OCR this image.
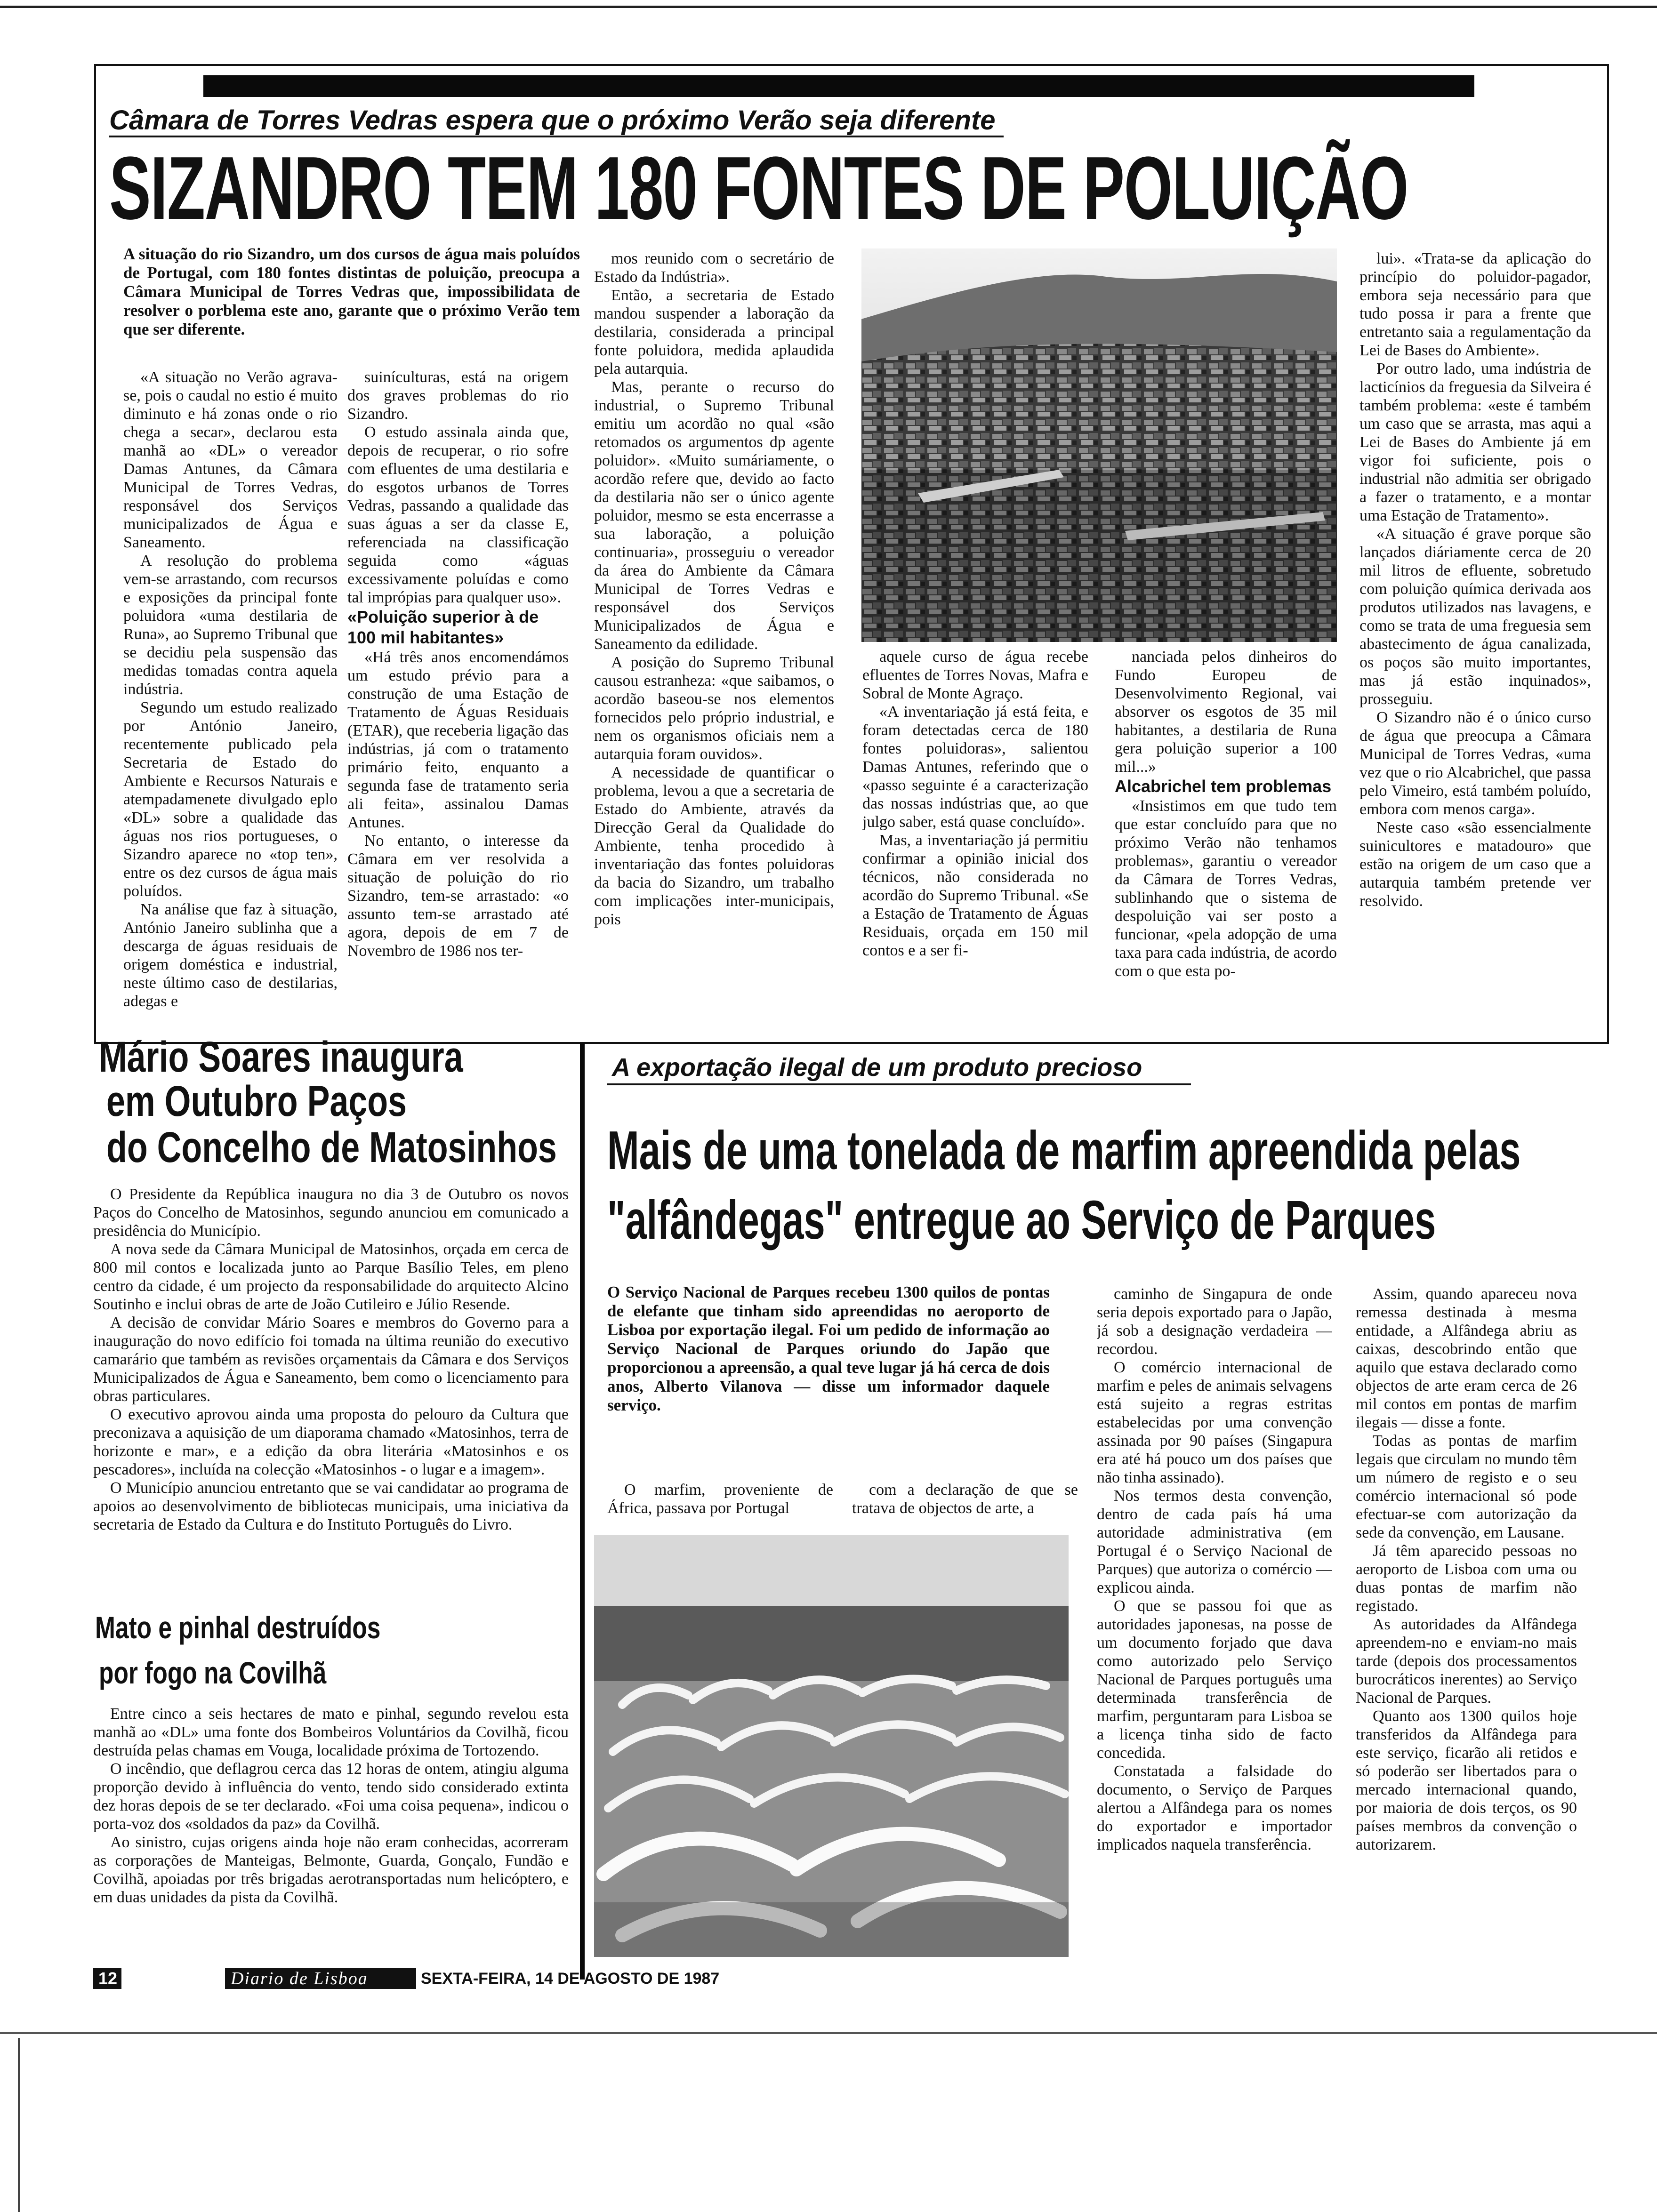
Câmara de Torres Vedras espera que o próximo Verão seja diferente
SIZANDRO TEM 180 FONTES DE POLUIÇÃO

A situação do rio Sizandro, um dos cursos de água mais poluídos de Portugal, com 180 fontes distintas de poluição, preocupa a Câmara Municipal de Torres Vedras que, impossibilidata de resolver o porblema este ano, garante que o próximo Verão tem que ser diferente.

«A situação no Verão agrava-se, pois o caudal no estio é muito diminuto e há zonas onde o rio chega a secar», declarou esta manhã ao «DL» o vereador Damas Antunes, da Câmara Municipal de Torres Vedras, responsável dos Serviços municipalizados de Água e Saneamento.

A resolução do problema vem-se arrastando, com recursos e exposições da principal fonte poluidora «uma destilaria de Runa», ao Supremo Tribunal que se decidiu pela suspensão das medidas tomadas contra aquela indústria.

Segundo um estudo realizado por António Janeiro, recentemente publicado pela Secretaria de Estado do Ambiente e Recursos Naturais e atempadamenete divulgado eplo «DL» sobre a qualidade das águas nos rios portugueses, o Sizandro aparece no «top ten», entre os dez cursos de água mais poluídos.

Na análise que faz à situação, António Janeiro sublinha que a descarga de águas residuais de origem doméstica e industrial, neste último caso de destilarias, adegas e

suinículturas, está na origem dos graves problemas do rio Sizandro.

O estudo assinala ainda que, depois de recuperar, o rio sofre com efluentes de uma destilaria e do esgotos urbanos de Torres Vedras, passando a qualidade das suas águas a ser da classe E, referenciada na classificação seguida como «águas excessivamente poluídas e como tal imprópias para qualquer uso».

«Poluição superior à de 100 mil habitantes»

«Há três anos encomendámos um estudo prévio para a construção de uma Estação de Tratamento de Águas Residuais (ETAR), que receberia ligação das indústrias, já com o tratamento primário feito, enquanto a segunda fase de tratamento seria ali feita», assinalou Damas Antunes.

No entanto, o interesse da Câmara em ver resolvida a situação de poluição do rio Sizandro, tem-se arrastado: «o assunto tem-se arrastado até agora, depois de em 7 de Novembro de 1986 nos ter-

mos reunido com o secretário de Estado da Indústria».

Então, a secretaria de Estado mandou suspender a laboração da destilaria, considerada a principal fonte poluidora, medida aplaudida pela autarquia.

Mas, perante o recurso do industrial, o Supremo Tribunal emitiu um acordão no qual «são retomados os argumentos dp agente poluidor». «Muito sumáriamente, o acordão refere que, devido ao facto da destilaria não ser o único agente poluidor, mesmo se esta encerrasse a sua laboração, a poluição continuaria», prosseguiu o vereador da área do Ambiente da Câmara Municipal de Torres Vedras e responsável dos Serviços Municipalizados de Água e Saneamento da edilidade.

A posição do Supremo Tribunal causou estranheza: «que saibamos, o acordão baseou-se nos elementos fornecidos pelo próprio industrial, e nem os organismos oficiais nem a autarquia foram ouvidos».

A necessidade de quantificar o problema, levou a que a secretaria de Estado do Ambiente, através da Direcção Geral da Qualidade do Ambiente, tenha procedido à inventariação das fontes poluidoras da bacia do Sizandro, um trabalho com implicações inter-municipais, pois

aquele curso de água recebe efluentes de Torres Novas, Mafra e Sobral de Monte Agraço.

«A inventariação já está feita, e foram detectadas cerca de 180 fontes poluidoras», salientou Damas Antunes, referindo que o «passo seguinte é a caracterização das nossas indústrias que, ao que julgo saber, está quase concluído».

Mas, a inventariação já permitiu confirmar a opinião inicial dos técnicos, não considerada no acordão do Supremo Tribunal. «Se a Estação de Tratamento de Águas Residuais, orçada em 150 mil contos e a ser fi-

nanciada pelos dinheiros do Fundo Europeu de Desenvolvimento Regional, vai absorver os esgotos de 35 mil habitantes, a destilaria de Runa gera poluição superior a 100 mil...»

Alcabrichel tem problemas

«Insistimos em que tudo tem que estar concluído para que no próximo Verão não tenhamos problemas», garantiu o vereador da Câmara de Torres Vedras, sublinhando que o sistema de despoluição vai ser posto a funcionar, «pela adopção de uma taxa para cada indústria, de acordo com o que esta po-

lui». «Trata-se da aplicação do princípio do poluidor-pagador, embora seja necessário para que tudo possa ir para a frente que entretanto saia a regulamentação da Lei de Bases do Ambiente».

Por outro lado, uma indústria de lacticínios da freguesia da Silveira é também problema: «este é também um caso que se arrasta, mas aqui a Lei de Bases do Ambiente já em vigor foi suficiente, pois o industrial não admitia ser obrigado a fazer o tratamento, e a montar uma Estação de Tratamento».

«A situação é grave porque são lançados diáriamente cerca de 20 mil litros de efluente, sobretudo com poluição química derivada aos produtos utilizados nas lavagens, e como se trata de uma freguesia sem abastecimento de água canalizada, os poços são muito importantes, mas já estão inquinados», prosseguiu.

O Sizandro não é o único curso de água que preocupa a Câmara Municipal de Torres Vedras, «uma vez que o rio Alcabrichel, que passa pelo Vimeiro, está também poluído, embora com menos carga».

Neste caso «são essencialmente suinicultores e matadouro» que estão na origem de um caso que a autarquia também pretende ver resolvido.

Mário Soares inaugura
em Outubro Paços
do Concelho de Matosinhos

O Presidente da República inaugura no dia 3 de Outubro os novos Paços do Concelho de Matosinhos, segundo anunciou em comunicado a presidência do Município.

A nova sede da Câmara Municipal de Matosinhos, orçada em cerca de 800 mil contos e localizada junto ao Parque Basílio Teles, em pleno centro da cidade, é um projecto da responsabilidade do arquitecto Alcino Soutinho e inclui obras de arte de João Cutileiro e Júlio Resende.

A decisão de convidar Mário Soares e membros do Governo para a inauguração do novo edifício foi tomada na última reunião do executivo camarário que também as revisões orçamentais da Câmara e dos Serviços Municipalizados de Água e Saneamento, bem como o licenciamento para obras particulares.

O executivo aprovou ainda uma proposta do pelouro da Cultura que preconizava a aquisição de um diaporama chamado «Matosinhos, terra de horizonte e mar», e a edição da obra literária «Matosinhos e os pescadores», incluída na colecção «Matosinhos - o lugar e a imagem».

O Município anunciou entretanto que se vai candidatar ao programa de apoios ao desenvolvimento de bibliotecas municipais, uma iniciativa da secretaria de Estado da Cultura e do Instituto Português do Livro.

Mato e pinhal destruídos
por fogo na Covilhã

Entre cinco a seis hectares de mato e pinhal, segundo revelou esta manhã ao «DL» uma fonte dos Bombeiros Voluntários da Covilhã, ficou destruída pelas chamas em Vouga, localidade próxima de Tortozendo.

O incêndio, que deflagrou cerca das 12 horas de ontem, atingiu alguma proporção devido à influência do vento, tendo sido considerado extinta dez horas depois de se ter declarado. «Foi uma coisa pequena», indicou o porta-voz dos «soldados da paz» da Covilhã.

Ao sinistro, cujas origens ainda hoje não eram conhecidas, acorreram as corporações de Manteigas, Belmonte, Guarda, Gonçalo, Fundão e Covilhã, apoiadas por três brigadas aerotransportadas num helicóptero, e em duas unidades da pista da Covilhã.

A exportação ilegal de um produto precioso
Mais de uma tonelada de marfim apreendida pelas
"alfândegas" entregue ao Serviço de Parques

O Serviço Nacional de Parques recebeu 1300 quilos de pontas de elefante que tinham sido apreendidas no aeroporto de Lisboa por exportação ilegal. Foi um pedido de informação ao Serviço Nacional de Parques oriundo do Japão que proporcionou a apreensão, a qual teve lugar já há cerca de dois anos, Alberto Vilanova — disse um informador daquele serviço.

O marfim, proveniente de África, passava por Portugal

com a declaração de que se tratava de objectos de arte, a

caminho de Singapura de onde seria depois exportado para o Japão, já sob a designação verdadeira — recordou.

O comércio internacional de marfim e peles de animais selvagens está sujeito a regras estritas estabelecidas por uma convenção assinada por 90 países (Singapura era até há pouco um dos países que não tinha assinado).

Nos termos desta convenção, dentro de cada país há uma autoridade administrativa (em Portugal é o Serviço Nacional de Parques) que autoriza o comércio — explicou ainda.

O que se passou foi que as autoridades japonesas, na posse de um documento forjado que dava como autorizado pelo Serviço Nacional de Parques português uma determinada transferência de marfim, perguntaram para Lisboa se a licença tinha sido de facto concedida.

Constatada a falsidade do documento, o Serviço de Parques alertou a Alfândega para os nomes do exportador e importador implicados naquela transferência.

Assim, quando apareceu nova remessa destinada à mesma entidade, a Alfândega abriu as caixas, descobrindo então que aquilo que estava declarado como objectos de arte eram cerca de 26 mil contos em pontas de marfim ilegais — disse a fonte.

Todas as pontas de marfim legais que circulam no mundo têm um número de registo e o seu comércio internacional só pode efectuar-se com autorização da sede da convenção, em Lausane.

Já têm aparecido pessoas no aeroporto de Lisboa com uma ou duas pontas de marfim não registado.

As autoridades da Alfândega apreendem-no e enviam-no mais tarde (depois dos processamentos burocráticos inerentes) ao Serviço Nacional de Parques.

Quanto aos 1300 quilos hoje transferidos da Alfândega para este serviço, ficarão ali retidos e só poderão ser libertados para o mercado internacional quando, por maioria de dois terços, os 90 países membros da convenção o autorizarem.

12	Diario de Lisboa	SEXTA-FEIRA, 14 DE AGOSTO DE 1987
